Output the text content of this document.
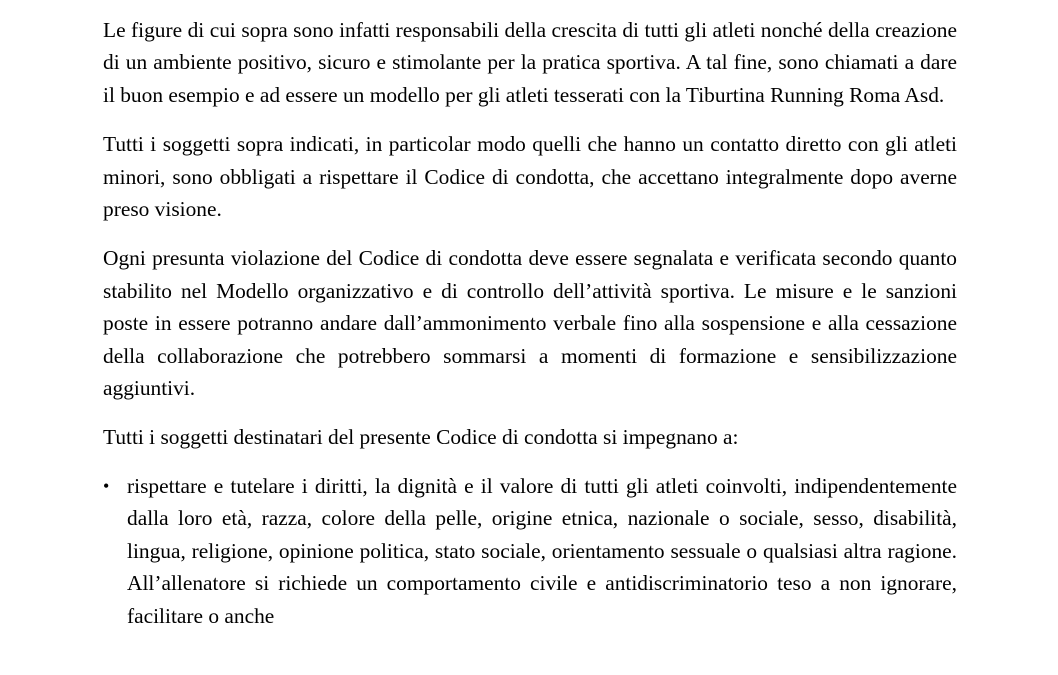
Le figure di cui sopra sono infatti responsabili della crescita di tutti gli atleti nonché della creazione di un ambiente positivo, sicuro e stimolante per la pratica sportiva. A tal fine, sono chiamati a dare il buon esempio e ad essere un modello per gli atleti tesserati con la Tiburtina Running Roma Asd.

Tutti i soggetti sopra indicati, in particolar modo quelli che hanno un contatto diretto con gli atleti minori, sono obbligati a rispettare il Codice di condotta, che accettano integralmente dopo averne preso visione.

Ogni presunta violazione del Codice di condotta deve essere segnalata e verificata secondo quanto stabilito nel Modello organizzativo e di controllo dell’attività sportiva. Le misure e le sanzioni poste in essere potranno andare dall’ammonimento verbale fino alla sospensione e alla cessazione della collaborazione che potrebbero sommarsi a momenti di formazione e sensibilizzazione aggiuntivi.

Tutti i soggetti destinatari del presente Codice di condotta si impegnano a:

• rispettare e tutelare i diritti, la dignità e il valore di tutti gli atleti coinvolti, indipendentemente dalla loro età, razza, colore della pelle, origine etnica, nazionale o sociale, sesso, disabilità, lingua, religione, opinione politica, stato sociale, orientamento sessuale o qualsiasi altra ragione. All’allenatore si richiede un comportamento civile e antidiscriminatorio teso a non ignorare, facilitare o anche
